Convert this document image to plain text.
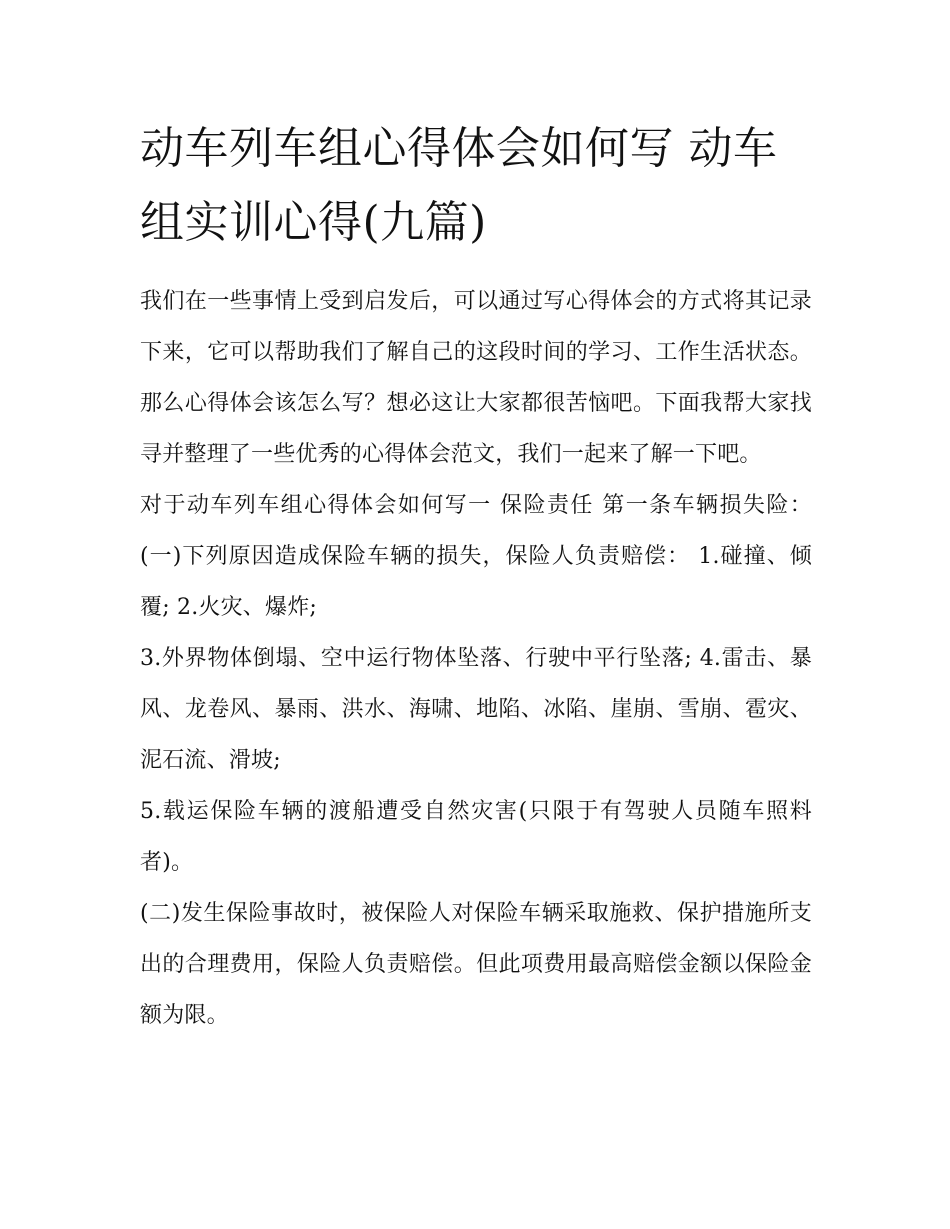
动车列车组心得体会如何写 动车组实训心得(九篇)

我们在一些事情上受到启发后，可以通过写心得体会的方式将其记录下来，它可以帮助我们了解自己的这段时间的学习、工作生活状态。那么心得体会该怎么写？想必这让大家都很苦恼吧。下面我帮大家找寻并整理了一些优秀的心得体会范文，我们一起来了解一下吧。

对于动车列车组心得体会如何写一 保险责任 第一条车辆损失险： (一)下列原因造成保险车辆的损失，保险人负责赔偿： 1.碰撞、倾覆; 2.火灾、爆炸;

3.外界物体倒塌、空中运行物体坠落、行驶中平行坠落; 4.雷击、暴风、龙卷风、暴雨、洪水、海啸、地陷、冰陷、崖崩、雪崩、雹灾、泥石流、滑坡;

5.载运保险车辆的渡船遭受自然灾害(只限于有驾驶人员随车照料者)。

(二)发生保险事故时，被保险人对保险车辆采取施救、保护措施所支出的合理费用，保险人负责赔偿。但此项费用最高赔偿金额以保险金额为限。
